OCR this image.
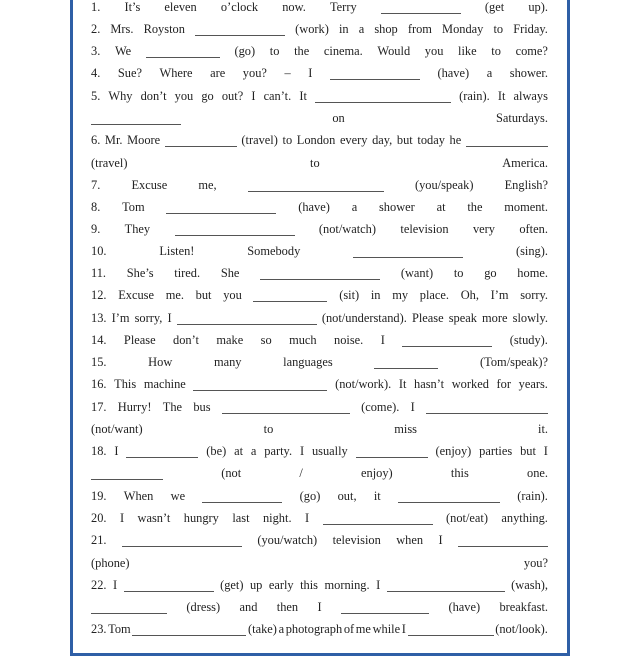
1. It’s eleven o’clock now. Terry	(get up).
2. Mrs. Royston	(work) in a shop from Monday to Friday.
3. We	(go) to the cinema. Would you like to come?
4. Sue? Where are you? – I	(have) a shower.
5. Why don’t you go out? I can’t. It	(rain). It always
on	Saturdays.
6. Mr. Moore	(travel) to London every day, but today he
(travel)	to	America.
7.	Excuse	me,	(you/speak)	English?
8. Tom	(have) a shower at the moment.
9. They	(not/watch) television very often.
10.	Listen!	Somebody	(sing).
11. She’s tired. She	(want) to go home.
12. Excuse me. but you	(sit) in my place. Oh, I’m sorry.
13. I’m sorry, I	(not/understand). Please speak more slowly.
14. Please don’t make so much noise. I	(study).
15.	How	many	languages	(Tom/speak)?
16. This machine	(not/work). It hasn’t worked for years.
17. Hurry! The bus	(come). I
(not/want)	to	miss	it.
18. I	(be) at a party. I usually	(enjoy) parties but I
(not	/	enjoy)	this	one.
19. When we	(go) out, it	(rain).
20. I wasn’t hungry last night. I	(not/eat) anything.
21.	(you/watch) television when I
(phone)	you?
22. I	(get) up early this morning. I	(wash),
(dress) and then I	(have) breakfast.
23. Tom	(take) a photograph of me while I	(not/look).
